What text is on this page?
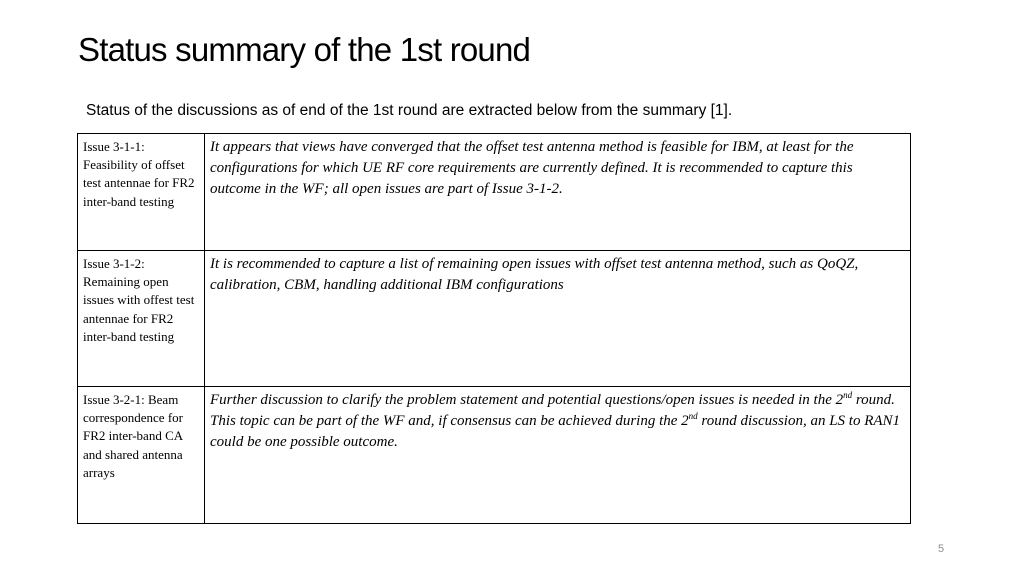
Status summary of the 1st round

Status of the discussions as of end of the 1st round are extracted below from the summary [1].

Issue 3-1-1: Feasibility of offset test antennae for FR2 inter-band testing	It appears that views have converged that the offset test antenna method is feasible for IBM, at least for the configurations for which UE RF core requirements are currently defined. It is recommended to capture this outcome in the WF; all open issues are part of Issue 3-1-2.
Issue 3-1-2: Remaining open issues with offest test antennae for FR2 inter-band testing	It is recommended to capture a list of remaining open issues with offset test antenna method, such as QoQZ, calibration, CBM, handling additional IBM configurations
Issue 3-2-1: Beam correspondence for FR2 inter-band CA and shared antenna arrays	Further discussion to clarify the problem statement and potential questions/open issues is needed in the 2nd round. This topic can be part of the WF and, if consensus can be achieved during the 2nd round discussion, an LS to RAN1 could be one possible outcome.
5
